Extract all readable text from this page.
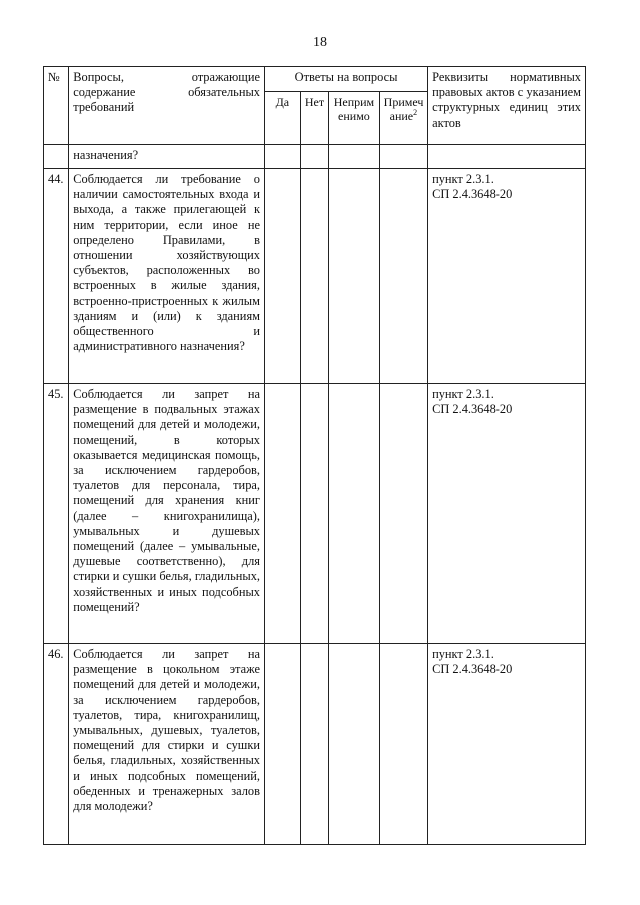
18
№	Вопросы, отражающие содержание обязательных требований	Ответы на вопросы				Реквизиты нормативных правовых актов с указанием структурных единиц этих актов
		Да	Нет	Неприм енимо	Примеч ание$^2$
	назначения?					
44.	Соблюдается ли требование о наличии самостоятельных входа и выхода, а также прилегающей к ним территории, если иное не определено Правилами, в отношении хозяйствующих субъектов, расположенных во встроенных в жилые здания, встроенно-пристроенных к жилым зданиям и (или) к зданиям общественного и административного назначения?					пункт 2.3.1.
СП 2.4.3648-20

45.	Соблюдается ли запрет на размещение в подвальных этажах помещений для детей и молодежи, помещений, в которых оказывается медицинская помощь, за исключением гардеробов, туалетов для персонала, тира, помещений для хранения книг (далее – книгохранилища), умывальных и душевых помещений (далее – умывальные, душевые соответственно), для стирки и сушки белья, гладильных, хозяйственных и иных подсобных помещений?					пункт 2.3.1.
СП 2.4.3648-20

46.	Соблюдается ли запрет на размещение в цокольном этаже помещений для детей и молодежи, за исключением гардеробов, туалетов, тира, книгохранилищ, умывальных, душевых, туалетов, помещений для стирки и сушки белья, гладильных, хозяйственных и иных подсобных помещений, обеденных и тренажерных залов для молодежи?					пункт 2.3.1.
СП 2.4.3648-20
